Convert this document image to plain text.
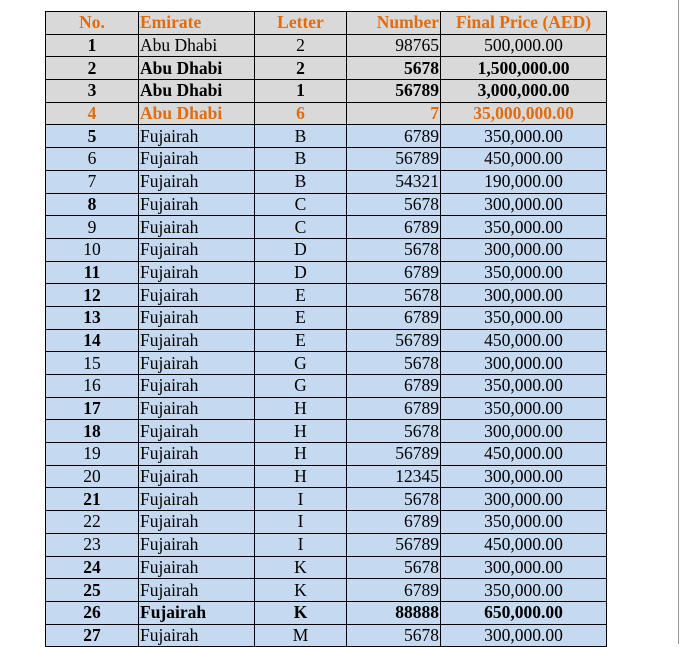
No.	Emirate	Letter	Number	Final Price (AED)
1	Abu Dhabi	2	98765	500,000.00
2	Abu Dhabi	2	5678	1,500,000.00
3	Abu Dhabi	1	56789	3,000,000.00
4	Abu Dhabi	6	7	35,000,000.00
5	Fujairah	B	6789	350,000.00
6	Fujairah	B	56789	450,000.00
7	Fujairah	B	54321	190,000.00
8	Fujairah	C	5678	300,000.00
9	Fujairah	C	6789	350,000.00
10	Fujairah	D	5678	300,000.00
11	Fujairah	D	6789	350,000.00
12	Fujairah	E	5678	300,000.00
13	Fujairah	E	6789	350,000.00
14	Fujairah	E	56789	450,000.00
15	Fujairah	G	5678	300,000.00
16	Fujairah	G	6789	350,000.00
17	Fujairah	H	6789	350,000.00
18	Fujairah	H	5678	300,000.00
19	Fujairah	H	56789	450,000.00
20	Fujairah	H	12345	300,000.00
21	Fujairah	I	5678	300,000.00
22	Fujairah	I	6789	350,000.00
23	Fujairah	I	56789	450,000.00
24	Fujairah	K	5678	300,000.00
25	Fujairah	K	6789	350,000.00
26	Fujairah	K	88888	650,000.00
27	Fujairah	M	5678	300,000.00
